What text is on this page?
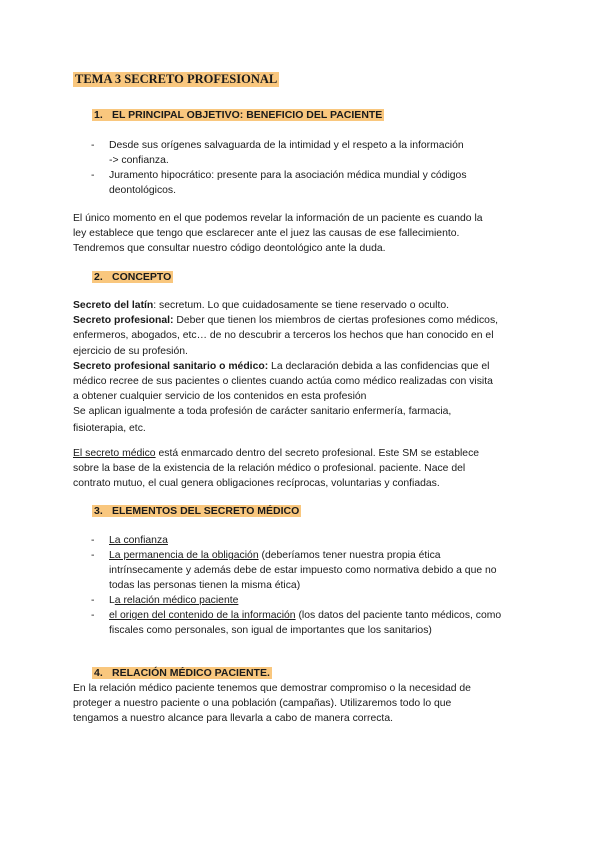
TEMA 3 SECRETO PROFESIONAL
1. EL PRINCIPAL OBJETIVO: BENEFICIO DEL PACIENTE
- Desde sus orígenes salvaguarda de la intimidad y el respeto a la información
-> confianza.
- Juramento hipocrático: presente para la asociación médica mundial y códigos
deontológicos.
El único momento en el que podemos revelar la información de un paciente es cuando la
ley establece que tengo que esclarecer ante el juez las causas de ese fallecimiento.
Tendremos que consultar nuestro código deontológico ante la duda.
2. CONCEPTO
Secreto del latín: secretum. Lo que cuidadosamente se tiene reservado o oculto.
Secreto profesional: Deber que tienen los miembros de ciertas profesiones como médicos,
enfermeros, abogados, etc… de no descubrir a terceros los hechos que han conocido en el
ejercicio de su profesión.
Secreto profesional sanitario o médico: La declaración debida a las confidencias que el
médico recree de sus pacientes o clientes cuando actúa como médico realizadas con visita
a obtener cualquier servicio de los contenidos en esta profesión
Se aplican igualmente a toda profesión de carácter sanitario enfermería, farmacia,
fisioterapia, etc.
El secreto médico está enmarcado dentro del secreto profesional. Este SM se establece
sobre la base de la existencia de la relación médico o profesional. paciente. Nace del
contrato mutuo, el cual genera obligaciones recíprocas, voluntarias y confiadas.
3. ELEMENTOS DEL SECRETO MÉDICO
- La confianza
- La permanencia de la obligación (deberíamos tener nuestra propia ética
intrínsecamente y además debe de estar impuesto como normativa debido a que no
todas las personas tienen la misma ética)
- La relación médico paciente
- el origen del contenido de la información (los datos del paciente tanto médicos, como
fiscales como personales, son igual de importantes que los sanitarios)
4. RELACIÓN MÉDICO PACIENTE.
En la relación médico paciente tenemos que demostrar compromiso o la necesidad de
proteger a nuestro paciente o una población (campañas). Utilizaremos todo lo que
tengamos a nuestro alcance para llevarla a cabo de manera correcta.
